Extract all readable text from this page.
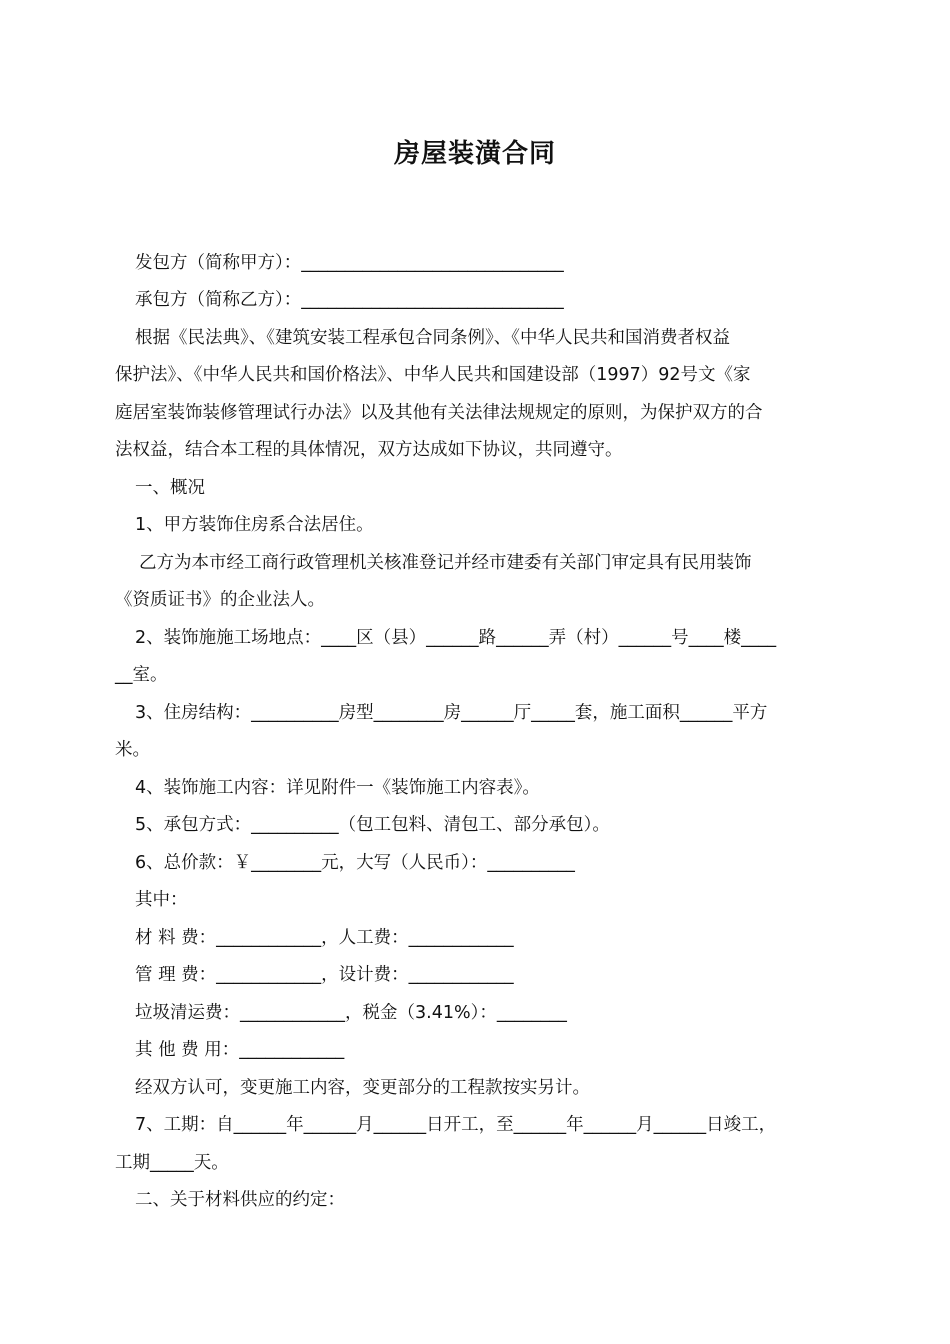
房屋装潢合同
发包方（简称甲方）：______________________________
承包方（简称乙方）：______________________________
根据《民法典》、《建筑安装工程承包合同条例》、《中华人民共和国消费者权益
保护法》、《中华人民共和国价格法》、中华人民共和国建设部（1997）92号文《家
庭居室装饰装修管理试行办法》以及其他有关法律法规规定的原则，为保护双方的合
法权益，结合本工程的具体情况，双方达成如下协议，共同遵守。
一、概况
1、甲方装饰住房系合法居住。
乙方为本市经工商行政管理机关核准登记并经市建委有关部门审定具有民用装饰
《资质证书》的企业法人。
2、装饰施施工场地点：____区（县）______路______弄（村）______号____楼____
__室。
3、住房结构：__________房型________房______厅_____套，施工面积______平方
米。
4、装饰施工内容：详见附件一《装饰施工内容表》。
5、承包方式：__________（包工包料、清包工、部分承包）。
6、总价款：￥________元，大写（人民币）：__________
其中：
材 料 费：____________，人工费：____________
管 理 费：____________，设计费：____________
垃圾清运费：____________，税金（3.41%）：________
其 他 费 用：____________
经双方认可，变更施工内容，变更部分的工程款按实另计。
7、工期：自______年______月______日开工，至______年______月______日竣工，
工期_____天。
二、关于材料供应的约定：
